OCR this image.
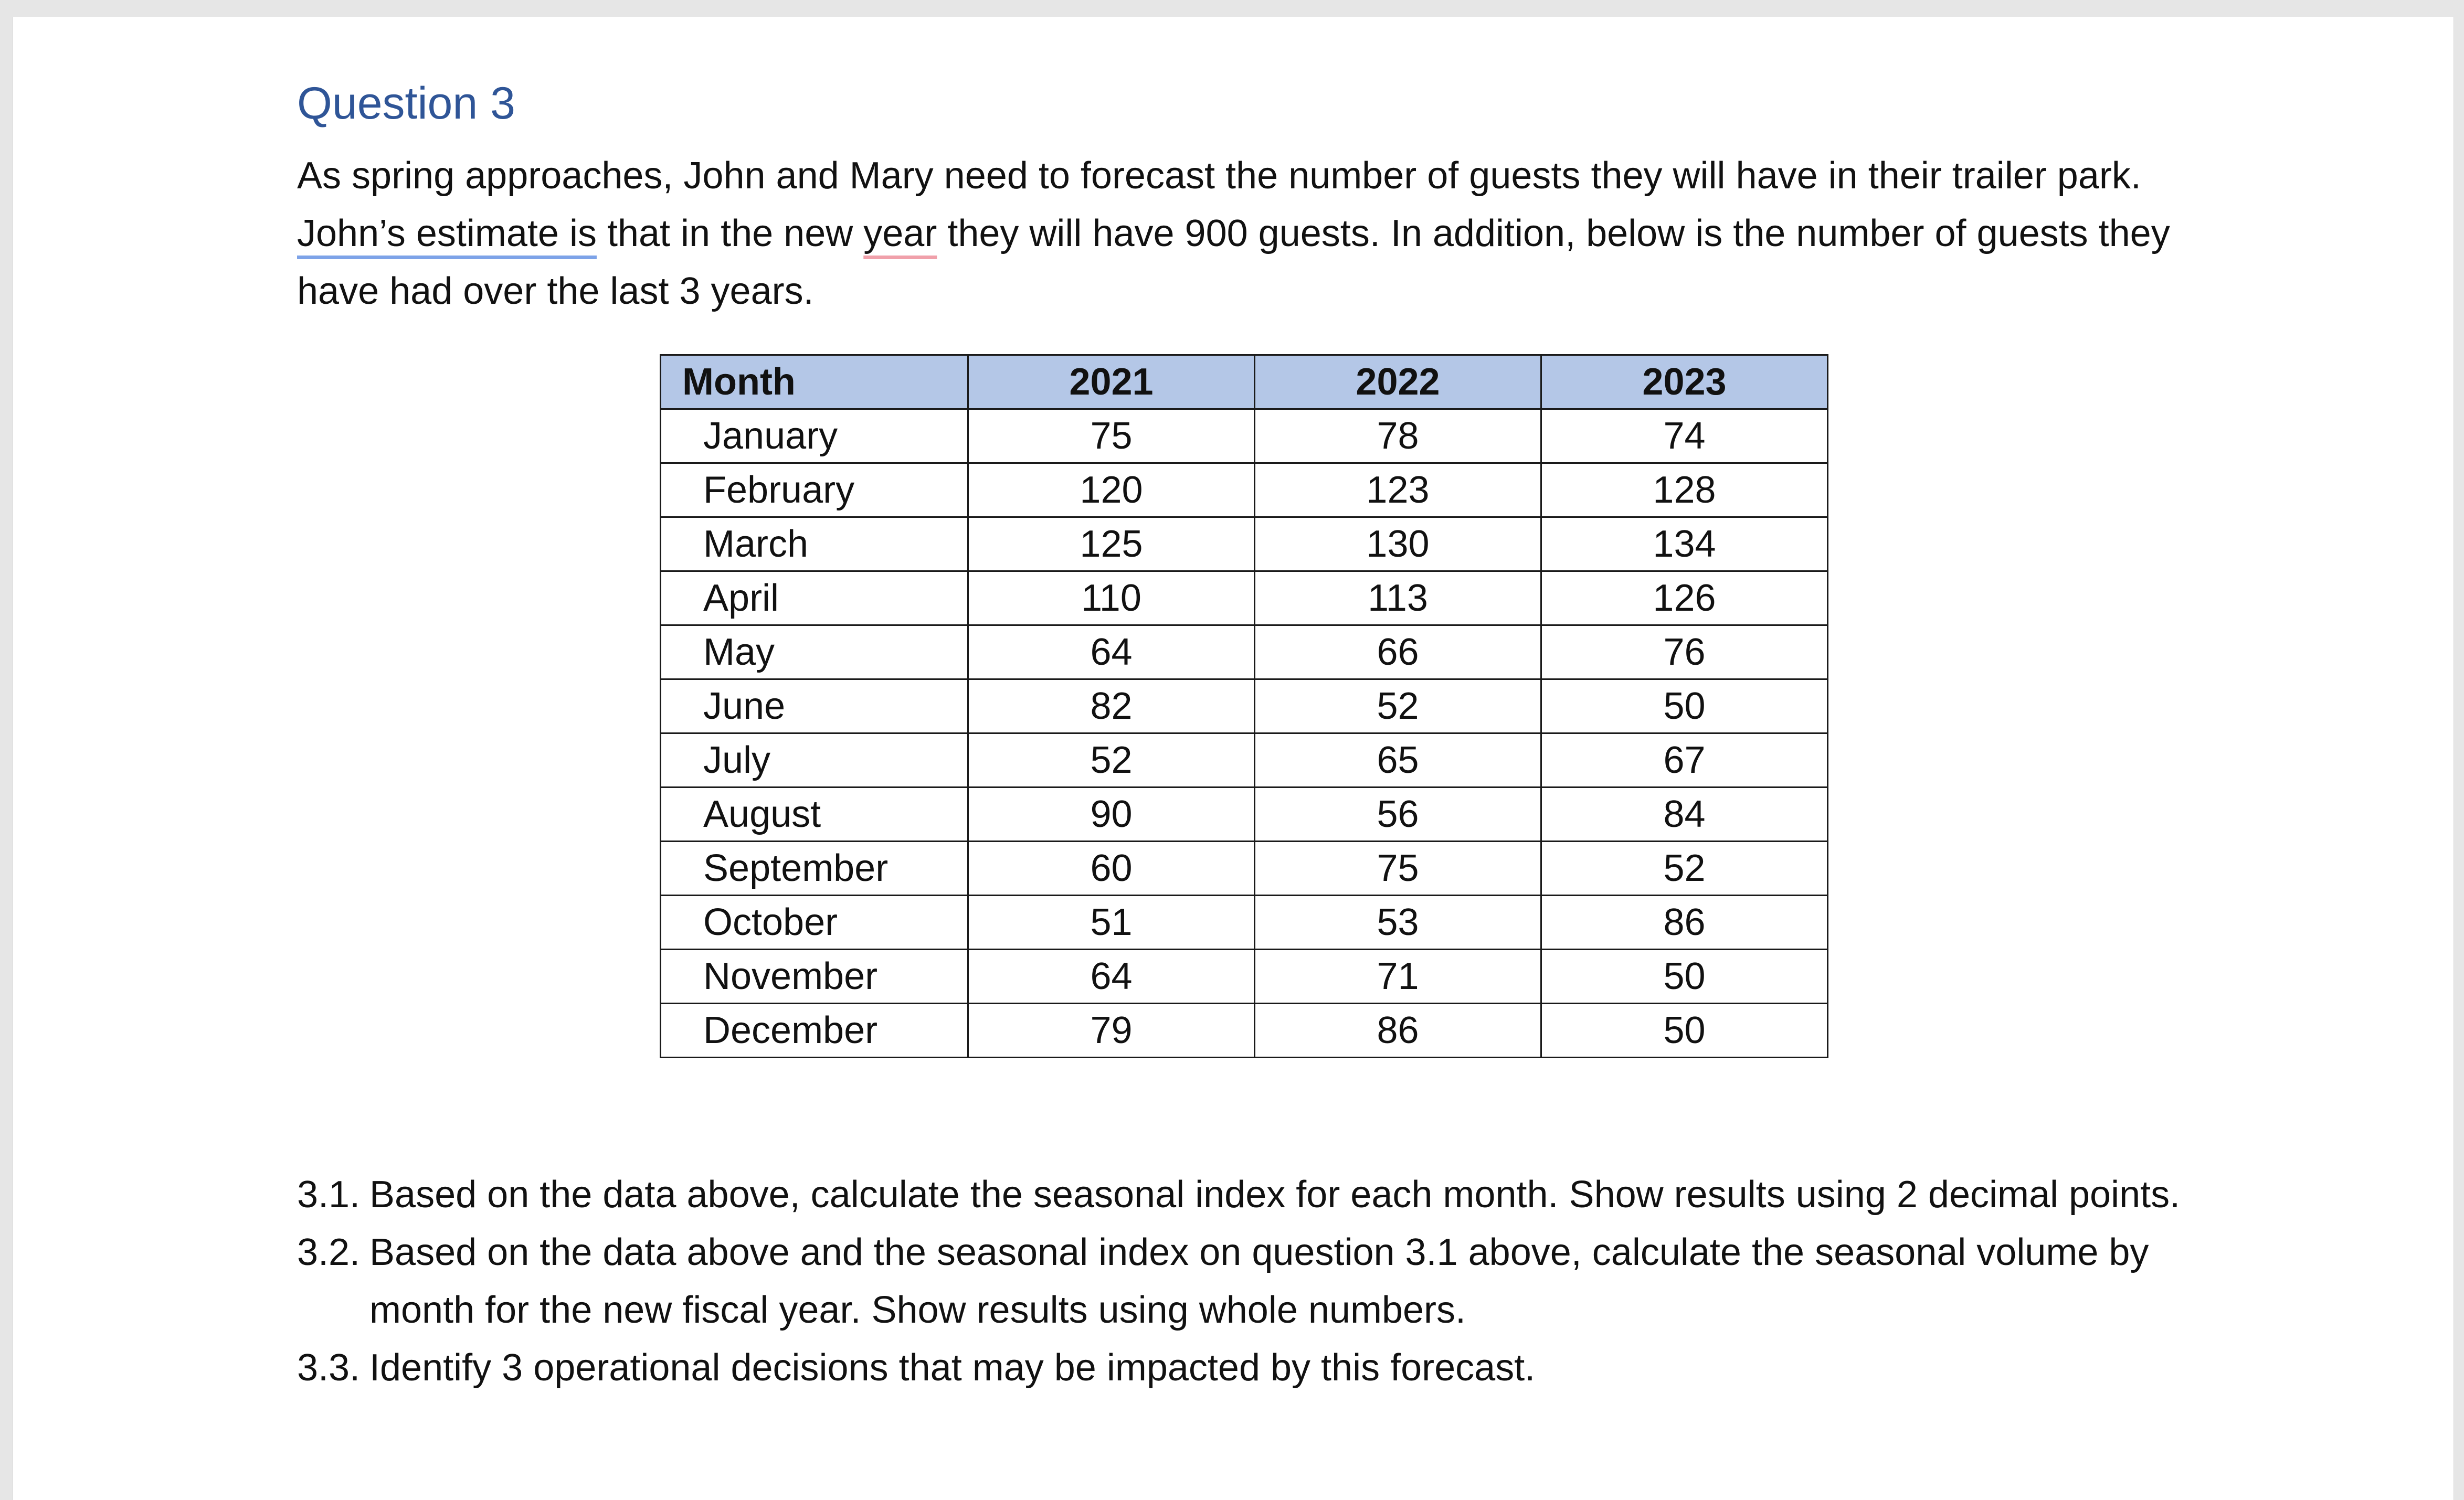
Question 3

As spring approaches, John and Mary need to forecast the number of guests they will have in their trailer park. John’s estimate is that in the new year they will have 900 guests. In addition, below is the number of guests they have had over the last 3 years.

Month	2021	2022	2023
January	75	78	74
February	120	123	128
March	125	130	134
April	110	113	126
May	64	66	76
June	82	52	50
July	52	65	67
August	90	56	84
September	60	75	52
October	51	53	86
November	64	71	50
December	79	86	50
3.1. Based on the data above, calculate the seasonal index for each month. Show results using 2 decimal points.
3.2. Based on the data above and the seasonal index on question 3.1 above, calculate the seasonal volume by month for the new fiscal year. Show results using whole numbers.
3.3. Identify 3 operational decisions that may be impacted by this forecast.
